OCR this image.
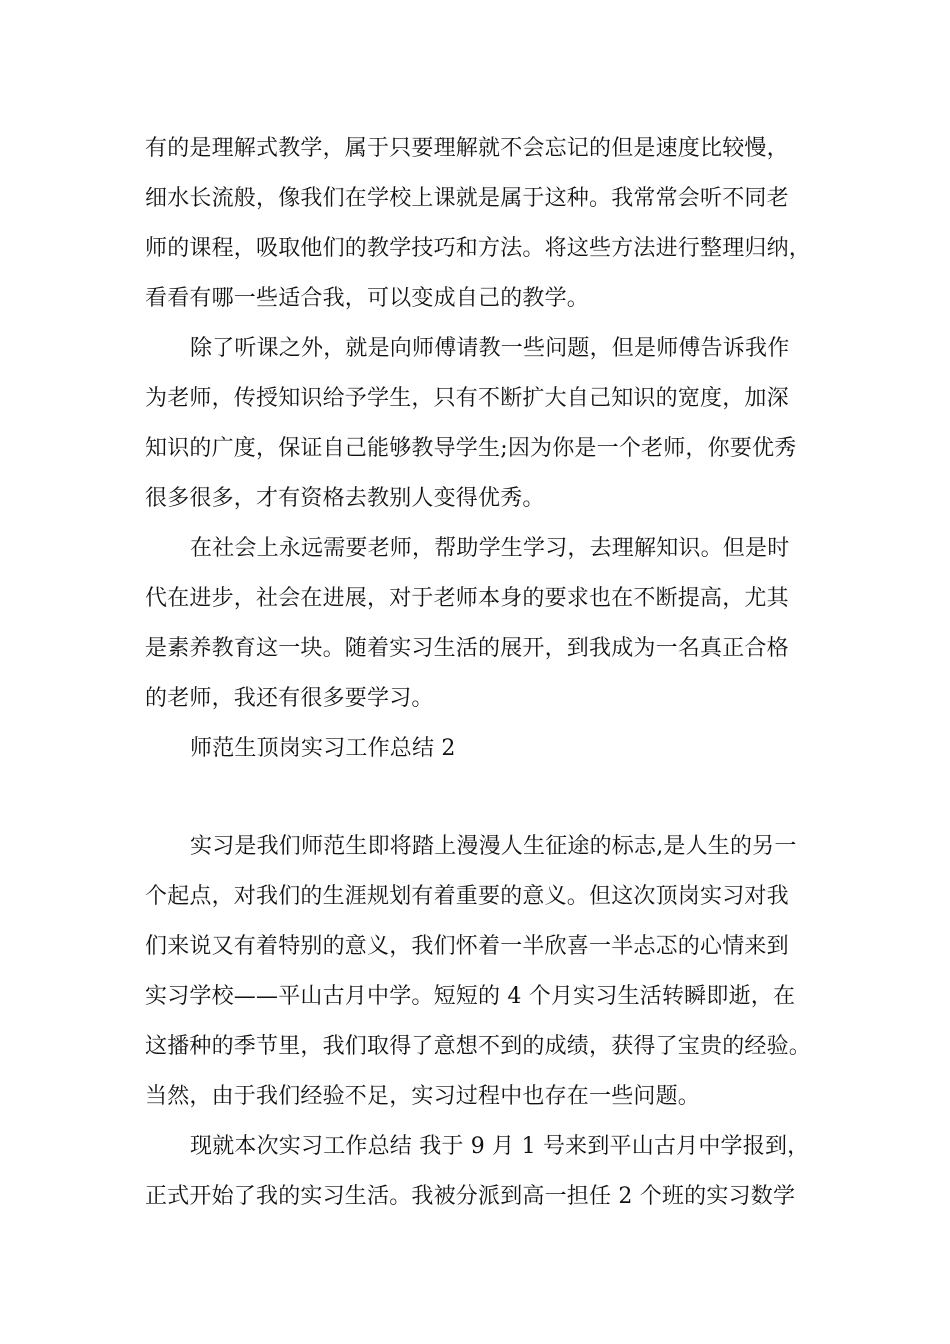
有的是理解式教学，属于只要理解就不会忘记的但是速度比较慢，
细水长流般，像我们在学校上课就是属于这种。我常常会听不同老
师的课程，吸取他们的教学技巧和方法。将这些方法进行整理归纳，
看看有哪一些适合我，可以变成自己的教学。
除了听课之外，就是向师傅请教一些问题，但是师傅告诉我作
为老师，传授知识给予学生，只有不断扩大自己知识的宽度，加深
知识的广度，保证自己能够教导学生;因为你是一个老师，你要优秀
很多很多，才有资格去教别人变得优秀。
在社会上永远需要老师，帮助学生学习，去理解知识。但是时
代在进步，社会在进展，对于老师本身的要求也在不断提高，尤其
是素养教育这一块。随着实习生活的展开，到我成为一名真正合格
的老师，我还有很多要学习。
师范生顶岗实习工作总结 2
实习是我们师范生即将踏上漫漫人生征途的标志,是人生的另一
个起点，对我们的生涯规划有着重要的意义。但这次顶岗实习对我
们来说又有着特别的意义，我们怀着一半欣喜一半忐忑的心情来到
实习学校——平山古月中学。短短的 4 个月实习生活转瞬即逝，在
这播种的季节里，我们取得了意想不到的成绩，获得了宝贵的经验。
当然，由于我们经验不足，实习过程中也存在一些问题。
现就本次实习工作总结 我于 9 月 1 号来到平山古月中学报到，
正式开始了我的实习生活。我被分派到高一担任 2 个班的实习数学
